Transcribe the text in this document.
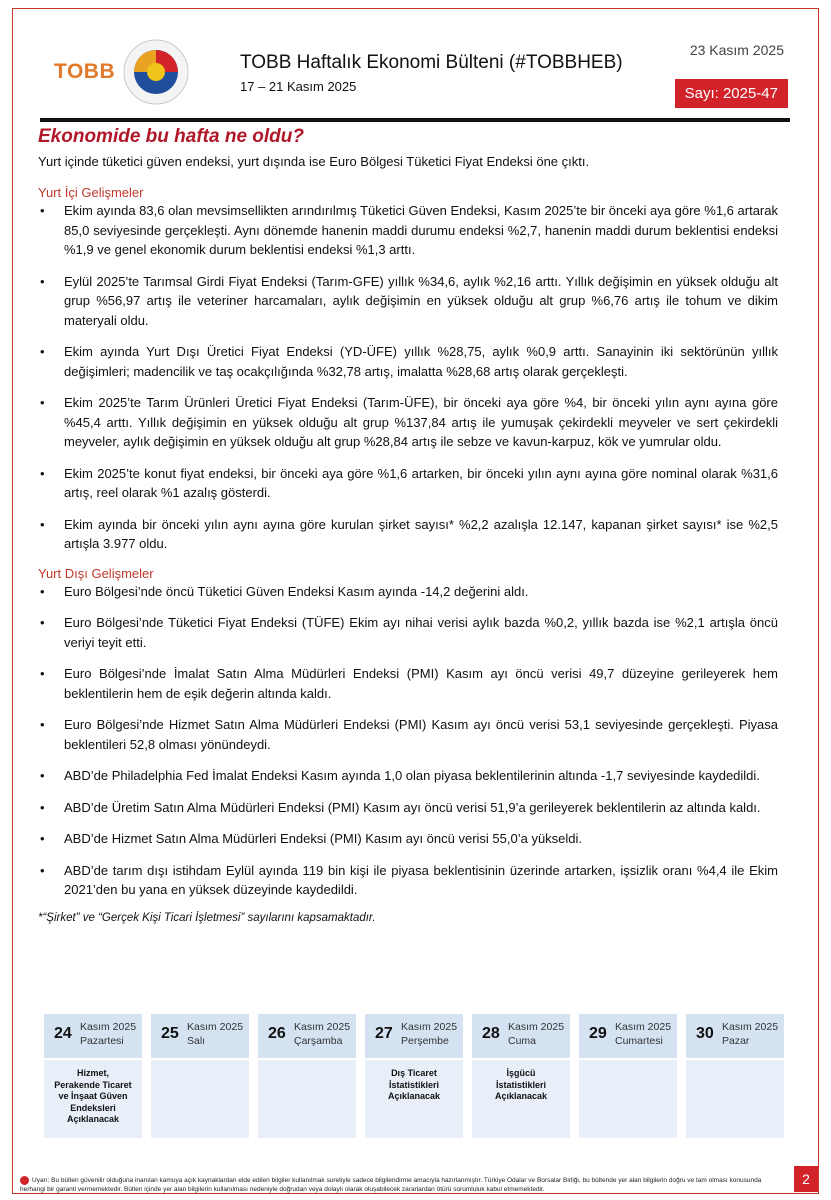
TOBB	TOBB Haftalık Ekonomi Bülteni (#TOBBHEB)
17 – 21 Kasım 2025
23 Kasım 2025
Sayı: 2025-47
Ekonomide bu hafta ne oldu?
Yurt içinde tüketici güven endeksi, yurt dışında ise Euro Bölgesi Tüketici Fiyat Endeksi öne çıktı.
Yurt İçi Gelişmeler
• Ekim ayında 83,6 olan mevsimsellikten arındırılmış Tüketici Güven Endeksi, Kasım 2025’te bir önceki aya göre %1,6 artarak 85,0 seviyesinde gerçekleşti. Aynı dönemde hanenin maddi durumu endeksi %2,7, hanenin maddi durum beklentisi endeksi %1,9 ve genel ekonomik durum beklentisi endeksi %1,3 arttı.
• Eylül 2025’te Tarımsal Girdi Fiyat Endeksi (Tarım-GFE) yıllık %34,6, aylık %2,16 arttı. Yıllık değişimin en yüksek olduğu alt grup %56,97 artış ile veteriner harcamaları, aylık değişimin en yüksek olduğu alt grup %6,76 artış ile tohum ve dikim materyali oldu.
• Ekim ayında Yurt Dışı Üretici Fiyat Endeksi (YD-ÜFE) yıllık %28,75, aylık %0,9 arttı. Sanayinin iki sektörünün yıllık değişimleri; madencilik ve taş ocakçılığında %32,78 artış, imalatta %28,68 artış olarak gerçekleşti.
• Ekim 2025’te Tarım Ürünleri Üretici Fiyat Endeksi (Tarım-ÜFE), bir önceki aya göre %4, bir önceki yılın aynı ayına göre %45,4 arttı. Yıllık değişimin en yüksek olduğu alt grup %137,84 artış ile yumuşak çekirdekli meyveler ve sert çekirdekli meyveler, aylık değişimin en yüksek olduğu alt grup %28,84 artış ile sebze ve kavun-karpuz, kök ve yumrular oldu.
• Ekim 2025’te konut fiyat endeksi, bir önceki aya göre %1,6 artarken, bir önceki yılın aynı ayına göre nominal olarak %31,6 artış, reel olarak %1 azalış gösterdi.
• Ekim ayında bir önceki yılın aynı ayına göre kurulan şirket sayısı* %2,2 azalışla 12.147, kapanan şirket sayısı* ise %2,5 artışla 3.977 oldu.
Yurt Dışı Gelişmeler
• Euro Bölgesi’nde öncü Tüketici Güven Endeksi Kasım ayında -14,2 değerini aldı.
• Euro Bölgesi’nde Tüketici Fiyat Endeksi (TÜFE) Ekim ayı nihai verisi aylık bazda %0,2, yıllık bazda ise %2,1 artışla öncü veriyi teyit etti.
• Euro Bölgesi’nde İmalat Satın Alma Müdürleri Endeksi (PMI) Kasım ayı öncü verisi 49,7 düzeyine gerileyerek hem beklentilerin hem de eşik değerin altında kaldı.
• Euro Bölgesi’nde Hizmet Satın Alma Müdürleri Endeksi (PMI) Kasım ayı öncü verisi 53,1 seviyesinde gerçekleşti. Piyasa beklentileri 52,8 olması yönündeydi.
• ABD’de Philadelphia Fed İmalat Endeksi Kasım ayında 1,0 olan piyasa beklentilerinin altında -1,7 seviyesinde kaydedildi.
• ABD’de Üretim Satın Alma Müdürleri Endeksi (PMI) Kasım ayı öncü verisi 51,9’a gerileyerek beklentilerin az altında kaldı.
• ABD’de Hizmet Satın Alma Müdürleri Endeksi (PMI) Kasım ayı öncü verisi 55,0’a yükseldi.
• ABD’de tarım dışı istihdam Eylül ayında 119 bin kişi ile piyasa beklentisinin üzerinde artarken, işsizlik oranı %4,4 ile Ekim 2021’den bu yana en yüksek düzeyinde kaydedildi.
*“Şirket” ve “Gerçek Kişi Ticari İşletmesi” sayılarını kapsamaktadır.
24 Kasım 2025
Pazartesi
Hizmet,
Perakende Ticaret
ve İnşaat Güven
Endeksleri
Açıklanacak
25 Kasım 2025
Salı	26 Kasım 2025
Çarşamba 27 Kasım 2025
Perşembe
Dış Ticaret
İstatistikleri
Açıklanacak
28 Kasım 2025
Cuma
İşgücü
İstatistikleri
Açıklanacak
29 Kasım 2025
Cumartesi 30 Kasım 2025
Pazar
Uyarı: Bu bülten güvenilir olduğuna inanılan kamuya açık kaynaklardan elde edilen bilgiler kullanılmak suretiyle sadece bilgilendirme amacıyla hazırlanmıştır. Türkiye Odalar ve Borsalar Birliği, bu bültende yer alan bilgilerin doğru ve tam olması konusunda herhangi bir garanti vermemektedir. Bülten içinde yer alan bilgilerin kullanılması nedeniyle doğrudan veya dolaylı olarak oluşabilecek zararlardan ötürü sorumluluk kabul etmemektedir.
2
